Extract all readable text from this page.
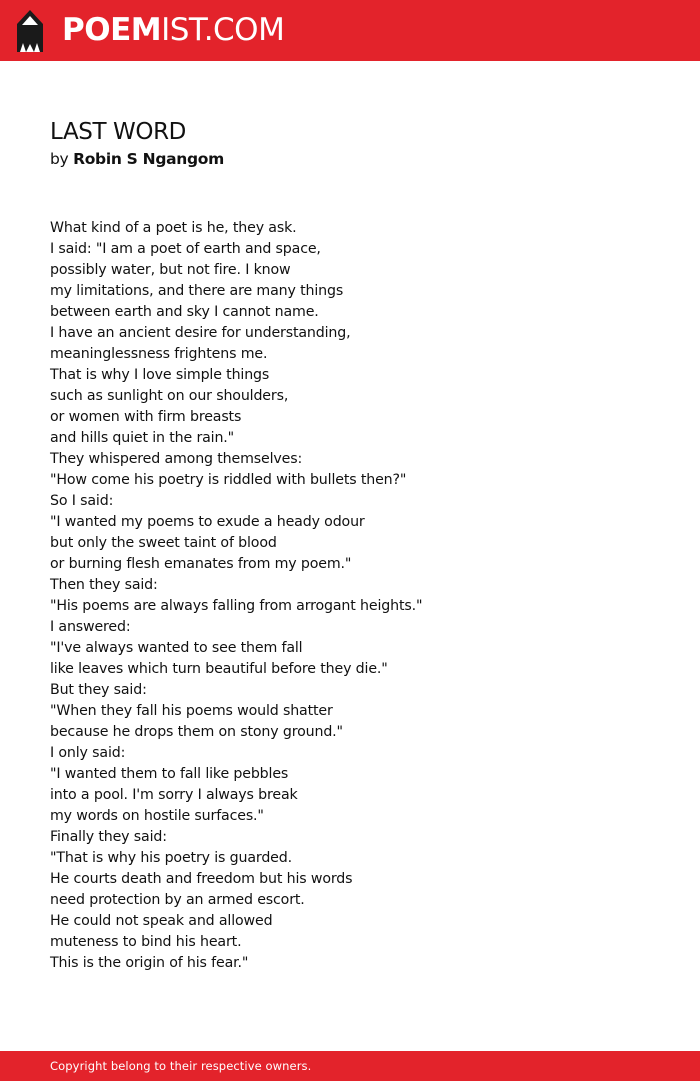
POEMIST.COM
LAST WORD
by Robin S Ngangom
What kind of a poet is he, they ask.
I said: "I am a poet of earth and space,
possibly water, but not fire. I know
my limitations, and there are many things
between earth and sky I cannot name.
I have an ancient desire for understanding,
meaninglessness frightens me.
That is why I love simple things
such as sunlight on our shoulders,
or women with firm breasts
and hills quiet in the rain."
They whispered among themselves:
"How come his poetry is riddled with bullets then?"
So I said:
"I wanted my poems to exude a heady odour
but only the sweet taint of blood
or burning flesh emanates from my poem."
Then they said:
"His poems are always falling from arrogant heights."
I answered:
"I've always wanted to see them fall
like leaves which turn beautiful before they die."
But they said:
"When they fall his poems would shatter
because he drops them on stony ground."
I only said:
"I wanted them to fall like pebbles
into a pool. I'm sorry I always break
my words on hostile surfaces."
Finally they said:
"That is why his poetry is guarded.
He courts death and freedom but his words
need protection by an armed escort.
He could not speak and allowed
muteness to bind his heart.
This is the origin of his fear."
Copyright belong to their respective owners.
